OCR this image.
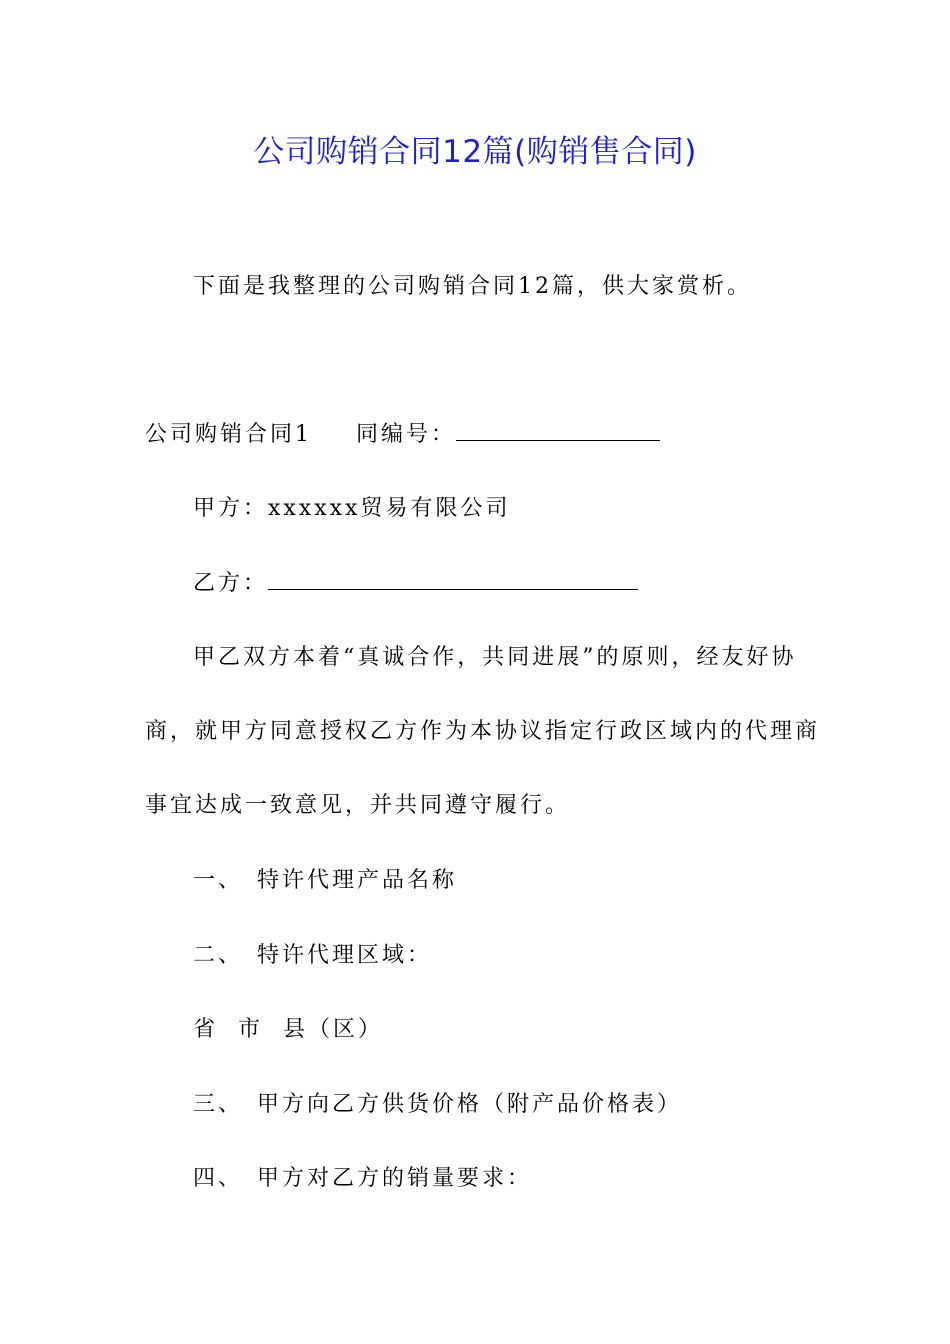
公司购销合同12篇(购销售合同)
下面是我整理的公司购销合同12篇，供大家赏析。
公司购销合同1 同编号：
甲方：xxxxxx贸易有限公司
乙方：
甲乙双方本着“真诚合作，共同进展”的原则，经友好协
商，就甲方同意授权乙方作为本协议指定行政区域内的代理商
事宜达成一致意见，并共同遵守履行。
一、 特许代理产品名称
二、 特许代理区域：
省  市  县（区）
三、 甲方向乙方供货价格（附产品价格表）
四、 甲方对乙方的销量要求：
